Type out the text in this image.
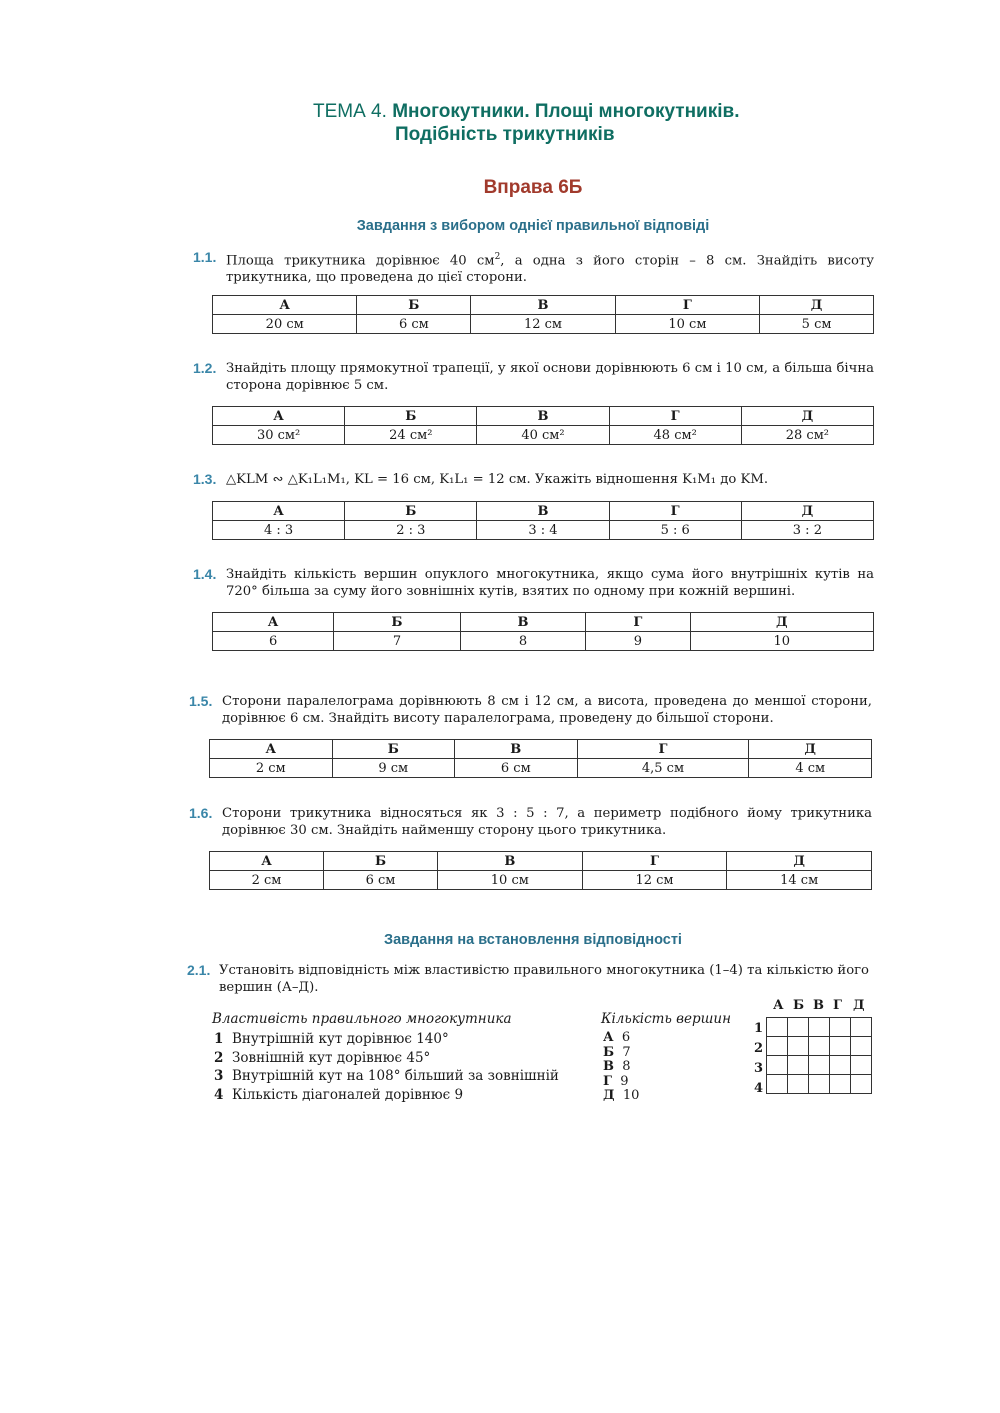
ТЕМА 4. Многокутники. Площі многокутників.
Подібність трикутників
Вправа 6Б
Завдання з вибором однієї правильної відповіді
1.1. Площа трикутника дорівнює 40 $см^2$, а одна з його сторін – 8 см. Знайдіть висоту трикутника, що проведена до цієї сторони.
А	Б	В	Г	Д
20 см	6 см	12 см	10 см	5 см
1.2. Знайдіть площу прямокутної трапеції, у якої основи дорівнюють 6 см і 10 см, а більша бічна сторона дорівнює 5 см.
А	Б	В	Г	Д
30 см²	24 см²	40 см²	48 см²	28 см²
1.3. △KLM ∾ △K₁L₁M₁, KL = 16 см, K₁L₁ = 12 см. Укажіть відношення K₁M₁ до KM.
А	Б	В	Г	Д
4 : 3	2 : 3	3 : 4	5 : 6	3 : 2
1.4. Знайдіть кількість вершин опуклого многокутника, якщо сума його внутрішніх кутів на 720° більша за суму його зовнішніх кутів, взятих по одному при кожній вершині.
А	Б	В	Г	Д
6	7	8	9	10
1.5. Сторони паралелограма дорівнюють 8 см і 12 см, а висота, проведена до меншої сторони, дорівнює 6 см. Знайдіть висоту паралелограма, проведену до більшої сторони.
А	Б	В	Г	Д
2 см	9 см	6 см	4,5 см	4 см
1.6. Сторони трикутника відносяться як 3 : 5 : 7, а периметр подібного йому трикутника дорівнює 30 см. Знайдіть найменшу сторону цього трикутника.
А	Б	В	Г	Д
2 см	6 см	10 см	12 см	14 см
Завдання на встановлення відповідності
2.1. Установіть відповідність між властивістю правильного многокутника (1–4) та кількістю його вершин (А–Д).
Властивість правильного многокутника	Кількість вершин
1 Внутрішній кут дорівнює 140°
2 Зовнішній кут дорівнює 45°
3 Внутрішній кут на 108° більший за зовнішній
4 Кількість діагоналей дорівнює 9
А 6
Б 7
В 8
Г 9
Д 10
А Б В Г Д
1
2
3
4
